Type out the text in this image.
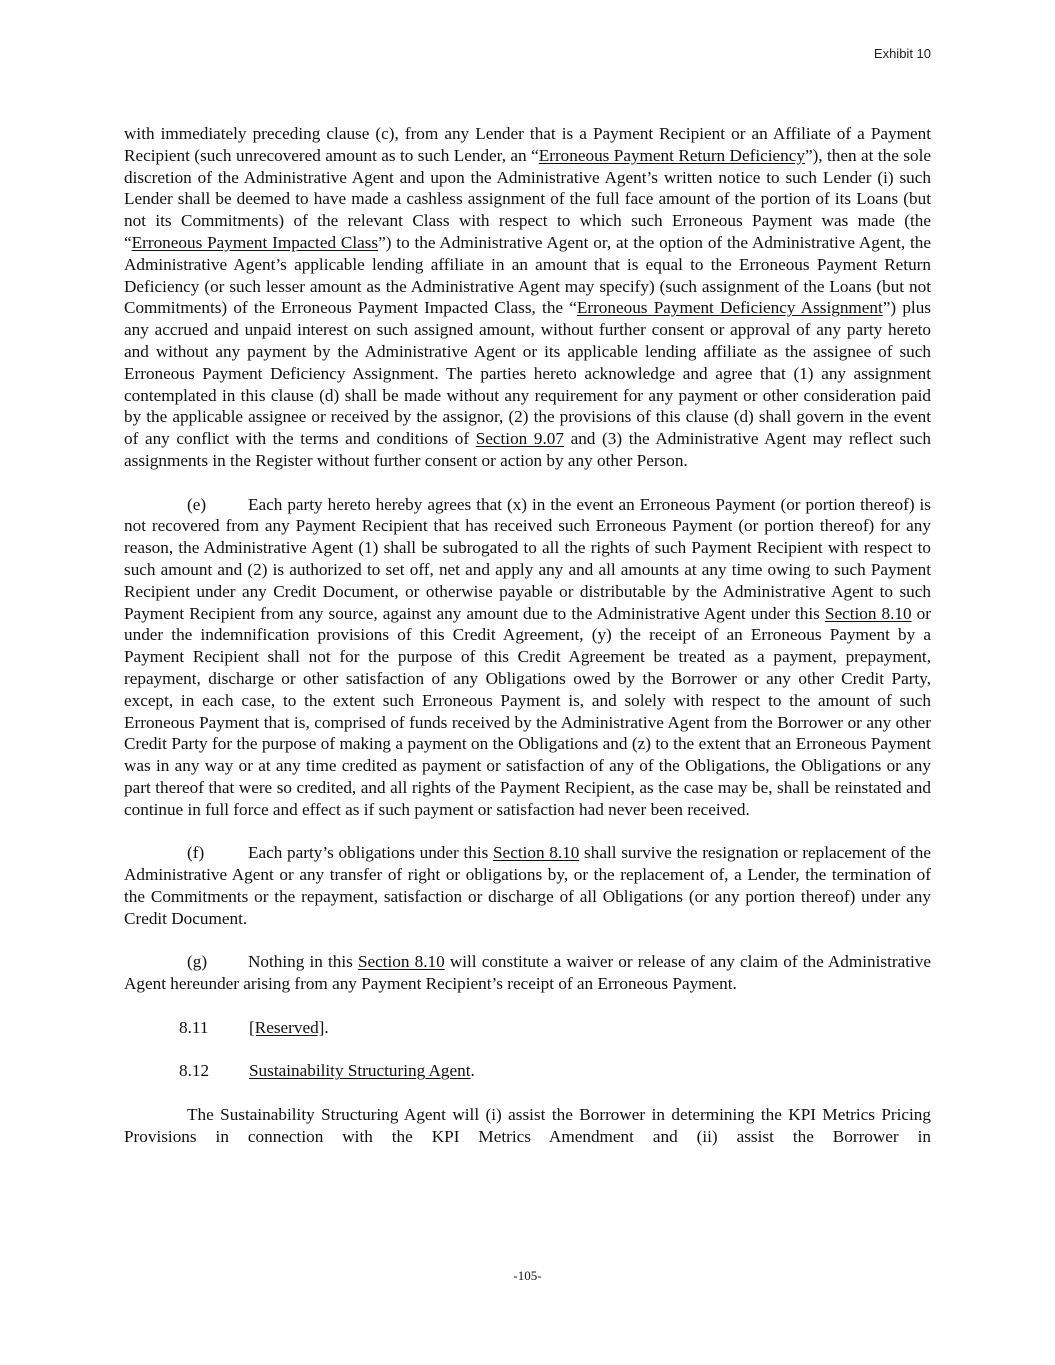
Exhibit 10

with immediately preceding clause (c), from any Lender that is a Payment Recipient or an Affiliate of a Payment Recipient (such unrecovered amount as to such Lender, an “Erroneous Payment Return Deficiency”), then at the sole discretion of the Administrative Agent and upon the Administrative Agent’s written notice to such Lender (i) such Lender shall be deemed to have made a cashless assignment of the full face amount of the portion of its Loans (but not its Commitments) of the relevant Class with respect to which such Erroneous Payment was made (the “Erroneous Payment Impacted Class”) to the Administrative Agent or, at the option of the Administrative Agent, the Administrative Agent’s applicable lending affiliate in an amount that is equal to the Erroneous Payment Return Deficiency (or such lesser amount as the Administrative Agent may specify) (such assignment of the Loans (but not Commitments) of the Erroneous Payment Impacted Class, the “Erroneous Payment Deficiency Assignment”) plus any accrued and unpaid interest on such assigned amount, without further consent or approval of any party hereto and without any payment by the Administrative Agent or its applicable lending affiliate as the assignee of such Erroneous Payment Deficiency Assignment. The parties hereto acknowledge and agree that (1) any assignment contemplated in this clause (d) shall be made without any requirement for any payment or other consideration paid by the applicable assignee or received by the assignor, (2) the provisions of this clause (d) shall govern in the event of any conflict with the terms and conditions of Section 9.07 and (3) the Administrative Agent may reflect such assignments in the Register without further consent or action by any other Person.

(e) Each party hereto hereby agrees that (x) in the event an Erroneous Payment (or portion thereof) is not recovered from any Payment Recipient that has received such Erroneous Payment (or portion thereof) for any reason, the Administrative Agent (1) shall be subrogated to all the rights of such Payment Recipient with respect to such amount and (2) is authorized to set off, net and apply any and all amounts at any time owing to such Payment Recipient under any Credit Document, or otherwise payable or distributable by the Administrative Agent to such Payment Recipient from any source, against any amount due to the Administrative Agent under this Section 8.10 or under the indemnification provisions of this Credit Agreement, (y) the receipt of an Erroneous Payment by a Payment Recipient shall not for the purpose of this Credit Agreement be treated as a payment, prepayment, repayment, discharge or other satisfaction of any Obligations owed by the Borrower or any other Credit Party, except, in each case, to the extent such Erroneous Payment is, and solely with respect to the amount of such Erroneous Payment that is, comprised of funds received by the Administrative Agent from the Borrower or any other Credit Party for the purpose of making a payment on the Obligations and (z) to the extent that an Erroneous Payment was in any way or at any time credited as payment or satisfaction of any of the Obligations, the Obligations or any part thereof that were so credited, and all rights of the Payment Recipient, as the case may be, shall be reinstated and continue in full force and effect as if such payment or satisfaction had never been received.

(f)	Each party’s obligations under this Section 8.10 shall survive the resignation or replacement of the Administrative Agent or any transfer of right or obligations by, or the replacement of, a Lender, the termination of the Commitments or the repayment, satisfaction or discharge of all Obligations (or any portion thereof) under any Credit Document.

(g) Nothing in this Section 8.10 will constitute a waiver or release of any claim of the Administrative Agent hereunder arising from any Payment Recipient’s receipt of an Erroneous Payment.

8.11 [Reserved].

8.12 Sustainability Structuring Agent.

The Sustainability Structuring Agent will (i) assist the Borrower in determining the KPI Metrics Pricing Provisions in connection with the KPI Metrics Amendment and (ii) assist the Borrower in

-105-
